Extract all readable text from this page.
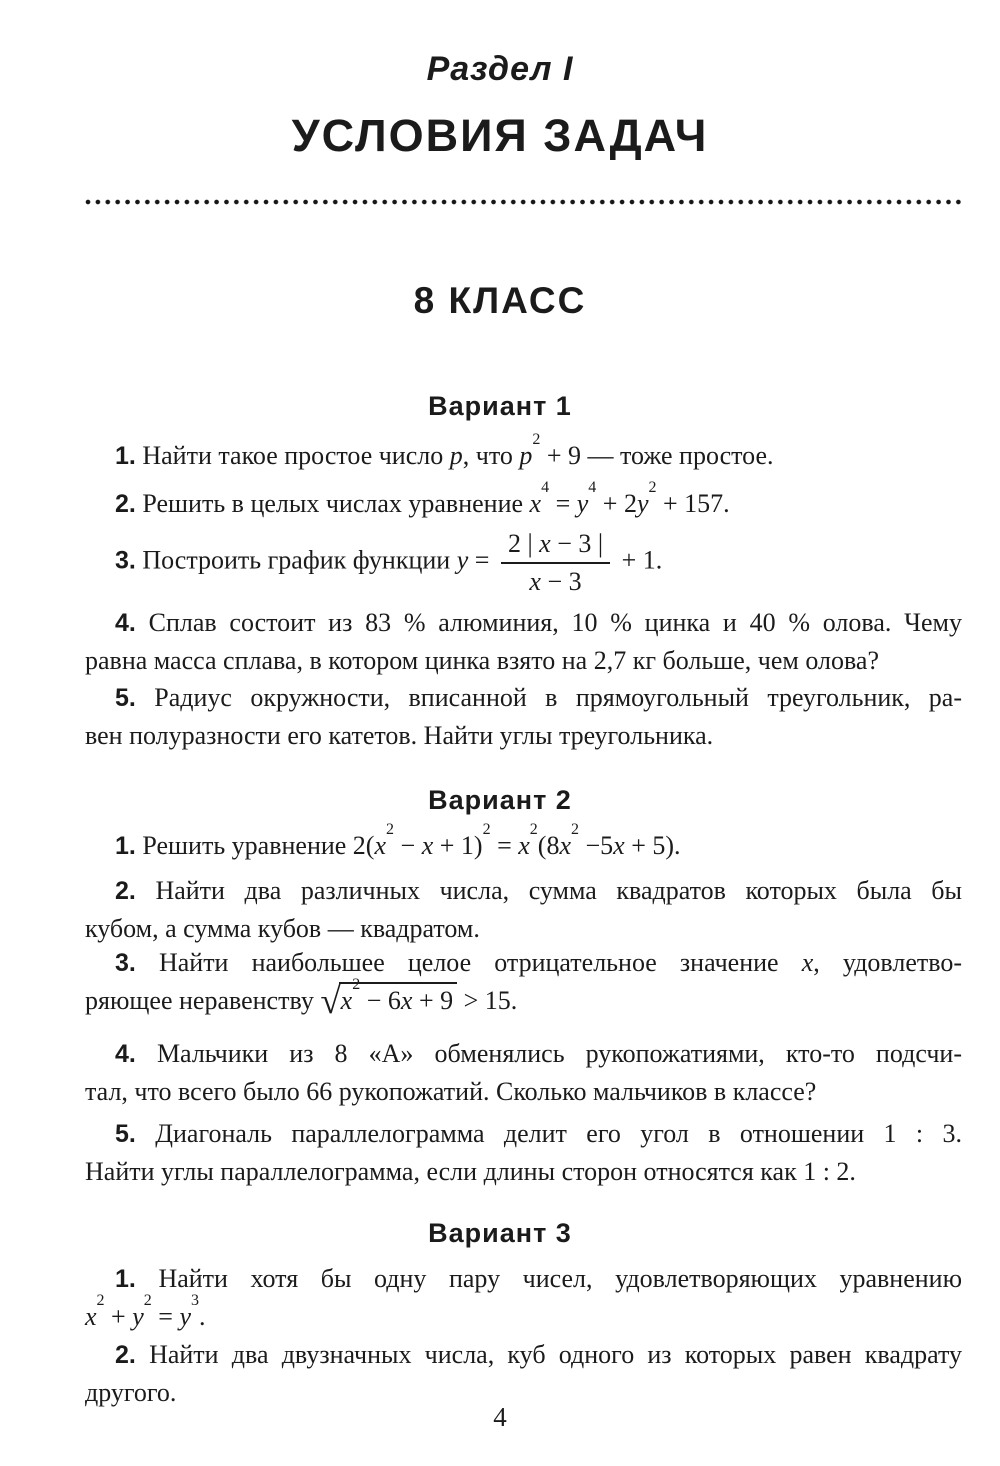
Раздел I
УСЛОВИЯ ЗАДАЧ
8 КЛАСС
Вариант 1
1. Найти такое простое число p, что $p^2 + 9$ — тоже простое.
2. Решить в целых числах уравнение $x^4 = y^4 + 2y^2 + 157$.
3. Построить график функции $y = \frac{2 | x - 3 |}{x - 3} + 1$.
4. Сплав состоит из 83 % алюминия, 10 % цинка и 40 % олова. Чему
равна масса сплава, в котором цинка взято на 2,7 кг больше, чем олова?
5. Радиус окружности, вписанной в прямоугольный треугольник, ра-
вен полуразности его катетов. Найти углы треугольника.
Вариант 2
1. Решить уравнение $2(x^2 - x + 1)^2 = x^2(8x^2 -5x + 5)$.
2. Найти два различных числа, сумма квадратов которых была бы
кубом, а сумма кубов — квадратом.
3. Найти наибольшее целое отрицательное значение x, удовлетво-
ряющее неравенству $√x^2 - 6x + 9 > 15$.
4. Мальчики из 8 «А» обменялись рукопожатиями, кто-то подсчи-
тал, что всего было 66 рукопожатий. Сколько мальчиков в классе?
5. Диагональ параллелограмма делит его угол в отношении 1 : 3.
Найти углы параллелограмма, если длины сторон относятся как 1 : 2.
Вариант 3
1. Найти хотя бы одну пару чисел, удовлетворяющих уравнению
$x^2 + y^2 = y^3$.
2. Найти два двузначных числа, куб одного из которых равен квадрату
другого.
4
